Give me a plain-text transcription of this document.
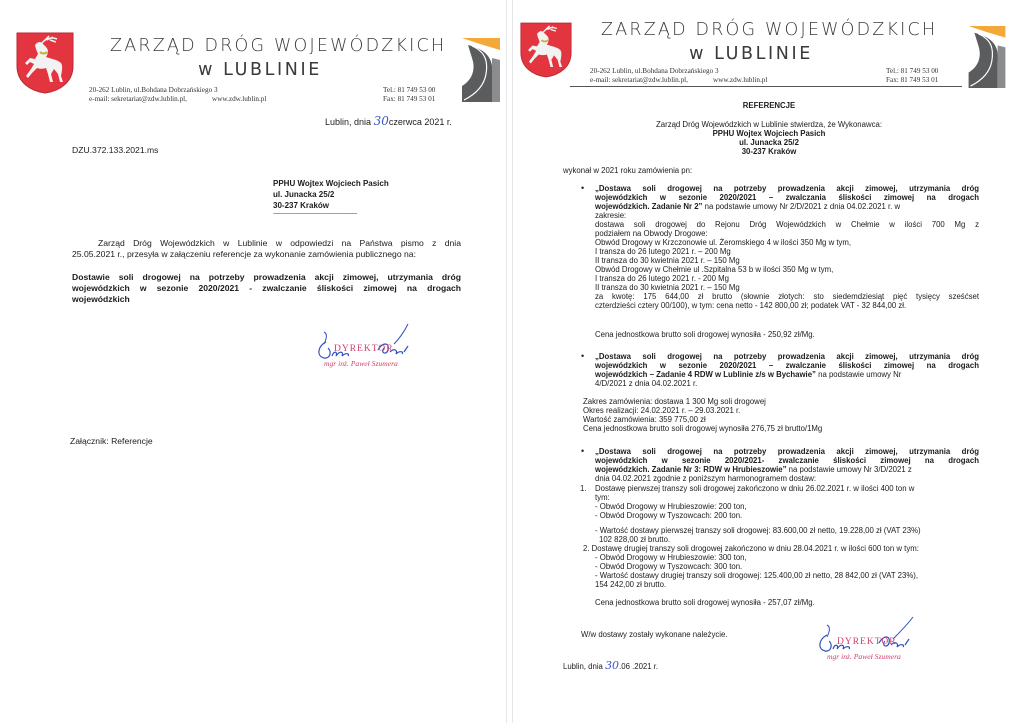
ZARZĄD DRÓG WOJEWÓDZKICH
w LUBLINIE
20-262 Lublin, ul.Bohdana Dobrzańskiego 3
e-mail: sekretariat@zdw.lublin.pl,	www.zdw.lublin.pl
Tel.: 81 749 53 00
Fax: 81 749 53 01
Lublin, dnia 30czerwca 2021 r.
DZU.372.133.2021.ms
PPHU Wojtex Wojciech Pasich
ul. Junacka 25/2
30-237 Kraków
------------------------------------------------------------
Zarząd Dróg Wojewódzkich w Lublinie w odpowiedzi na Państwa pismo z dnia
25.05.2021 r., przesyła w załączeniu referencje za wykonanie zamówienia publicznego na:
Dostawie soli drogowej na potrzeby prowadzenia akcji zimowej, utrzymania dróg
wojewódzkich w sezonie 2020/2021 - zwalczanie śliskości zimowej na drogach
wojewódzkich
DYREKTOR
mgr inż. Paweł Szumera
Załącznik: Referencje
ZARZĄD DRÓG WOJEWÓDZKICH
w LUBLINIE
20-262 Lublin, ul.Bohdana Dobrzańskiego 3
e-mail: sekretariat@zdw.lublin.pl,	www.zdw.lublin.pl
Tel.: 81 749 53 00
Fax: 81 749 53 01
REFERENCJE
Zarząd Dróg Wojewódzkich w Lublinie stwierdza, że Wykonawca:
PPHU Wojtex Wojciech Pasich
ul. Junacka 25/2
30-237 Kraków
wykonał w 2021 roku zamówienia pn:
• „Dostawa soli drogowej na potrzeby prowadzenia akcji zimowej, utrzymania dróg
wojewódzkich w sezonie 2020/2021 – zwalczania śliskości zimowej na drogach
wojewódzkich. Zadanie Nr 2” na podstawie umowy Nr 2/D/2021 z dnia 04.02.2021 r. w
zakresie:
dostawa soli drogowej do Rejonu Dróg Wojewódzkich w Chełmie w ilości 700 Mg z
podziałem na Obwody Drogowe:
Obwód Drogowy w Krzczonowie ul. Żeromskiego 4 w ilości 350 Mg w tym,
I transza do 26 lutego 2021 r. – 200 Mg
II transza do 30 kwietnia 2021 r. – 150 Mg
Obwód Drogowy w Chełmie ul .Szpitalna 53 b w ilości 350 Mg w tym,
I transza do 26 lutego 2021 r. - 200 Mg
II transza do 30 kwietnia 2021 r. – 150 Mg
za kwotę: 175 644,00 zł brutto (słownie złotych: sto siedemdziesiąt pięć tysięcy sześćset
czterdzieści cztery 00/100), w tym: cena netto - 142 800,00 zł; podatek VAT - 32 844,00 zł.
Cena jednostkowa brutto soli drogowej wynosiła - 250,92 zł/Mg.
• „Dostawa soli drogowej na potrzeby prowadzenia akcji zimowej, utrzymania dróg
wojewódzkich w sezonie 2020/2021 – zwalczanie śliskości zimowej na drogach
wojewódzkich – Zadanie 4 RDW w Lublinie z/s w Bychawie” na podstawie umowy Nr
4/D/2021 z dnia 04.02.2021 r.
Zakres zamówienia: dostawa 1 300 Mg soli drogowej
Okres realizacji: 24.02.2021 r. – 29.03.2021 r.
Wartość zamówienia: 359 775,00 zł
Cena jednostkowa brutto soli drogowej wynosiła 276,75 zł brutto/1Mg
• „Dostawa soli drogowej na potrzeby prowadzenia akcji zimowej, utrzymania dróg
wojewódzkich w sezonie 2020/2021- zwalczanie śliskości zimowej na drogach
wojewódzkich. Zadanie Nr 3: RDW w Hrubieszowie” na podstawie umowy Nr 3/D/2021 z
dnia 04.02.2021 zgodnie z poniższym harmonogramem dostaw:
1. Dostawę pierwszej transzy soli drogowej zakończono w dniu 26.02.2021 r. w ilości 400 ton w
tym:
- Obwód Drogowy w Hrubieszowie: 200 ton,
- Obwód Drogowy w Tyszowcach: 200 ton.
- Wartość dostawy pierwszej transzy soli drogowej: 83.600,00 zł netto, 19.228,00 zł (VAT 23%)
102 828,00 zł brutto.
2. Dostawę drugiej transzy soli drogowej zakończono w dniu 28.04.2021 r. w ilości 600 ton w tym:
- Obwód Drogowy w Hrubieszowie: 300 ton,
- Obwód Drogowy w Tyszowcach: 300 ton.
- Wartość dostawy drugiej transzy soli drogowej: 125.400,00 zł netto, 28 842,00 zł (VAT 23%),
154 242,00 zł brutto.
Cena jednostkowa brutto soli drogowej wynosiła - 257,07 zł/Mg.
W/w dostawy zostały wykonane należycie.
Lublin, dnia 30.06 .2021 r.
DYREKTOR
mgr inż. Paweł Szumera
